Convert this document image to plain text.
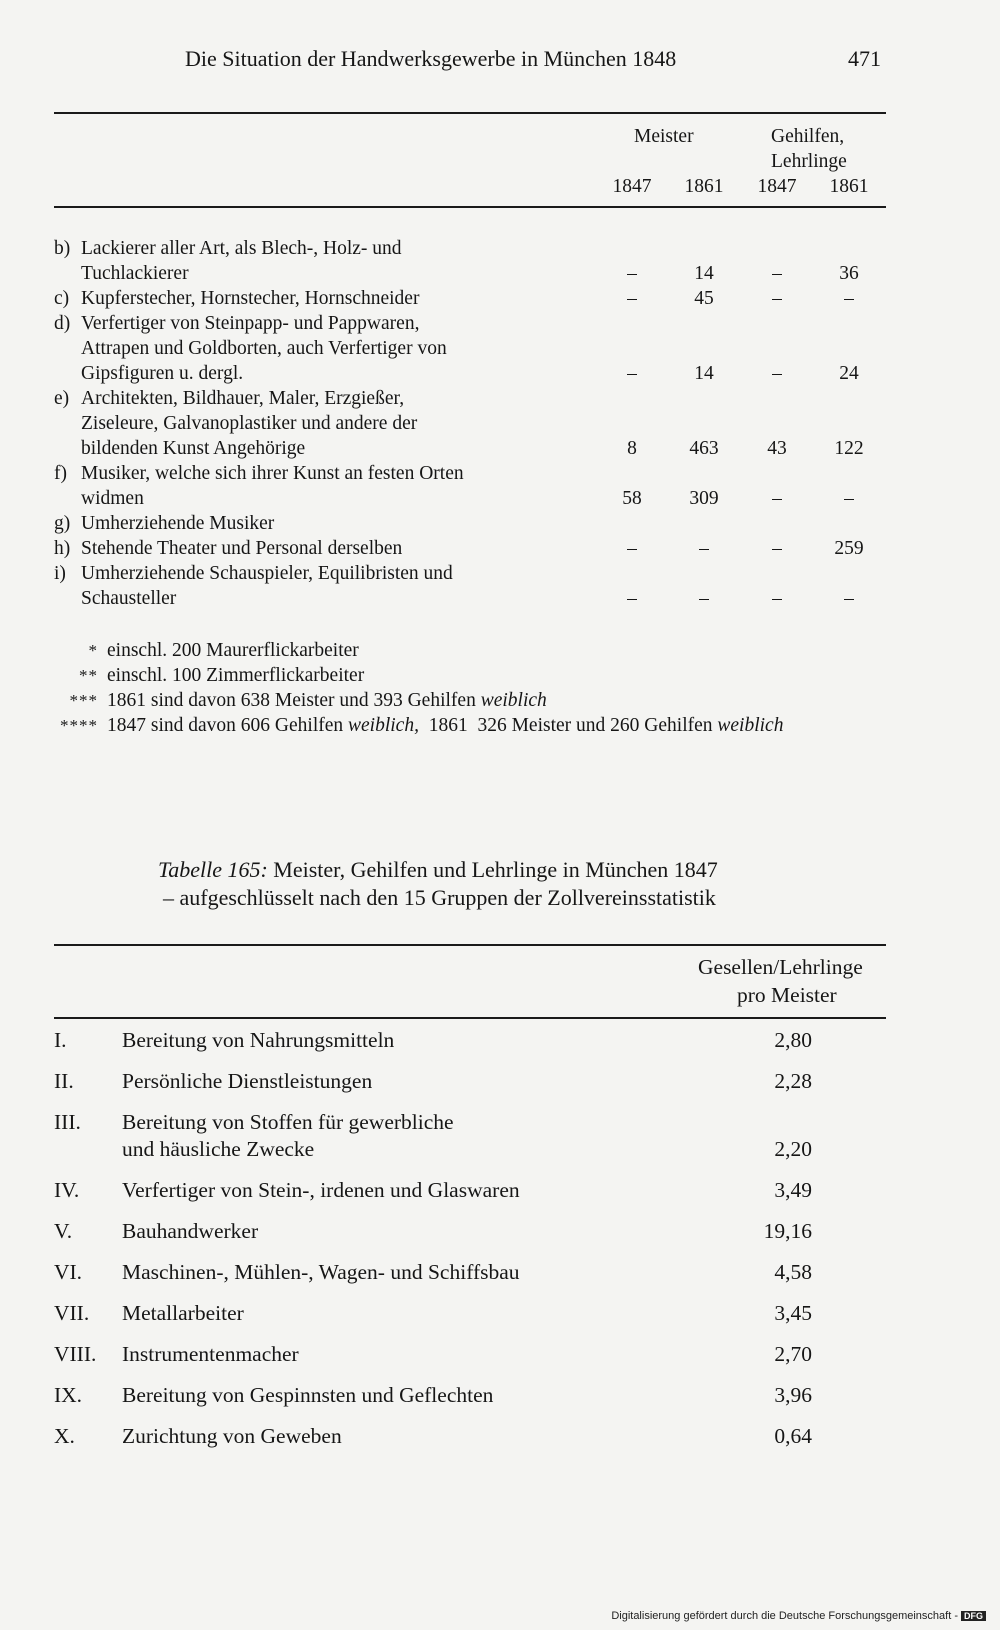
Die Situation der Handwerksgewerbe in München 1848	471
Meister	Gehilfen,
Lehrlinge
1847 1861 1847 1861
b) Lackierer aller Art, als Blech-, Holz- und
Tuchlackierer	–	14	–	36
c) Kupferstecher, Hornstecher, Hornschneider	–	45	–	–
d) Verfertiger von Steinpapp- und Pappwaren,
Attrapen und Goldborten, auch Verfertiger von
Gipsfiguren u. dergl.	–	14	–	24
e) Architekten, Bildhauer, Maler, Erzgießer,
Ziseleure, Galvanoplastiker und andere der
bildenden Kunst Angehörige	8	463	43	122
f) Musiker, welche sich ihrer Kunst an festen Orten
widmen	58	309	–	–
g) Umherziehende Musiker
h) Stehende Theater und Personal derselben	–	–	–	259
i) Umherziehende Schauspieler, Equilibristen und
Schausteller	–	–	–	–
* einschl. 200 Maurerflickarbeiter
** einschl. 100 Zimmerflickarbeiter
*** 1861 sind davon 638 Meister und 393 Gehilfen weiblich
**** 1847 sind davon 606 Gehilfen weiblich,  1861  326 Meister und 260 Gehilfen weiblich
Tabelle 165: Meister, Gehilfen und Lehrlinge in München 1847
– aufgeschlüsselt nach den 15 Gruppen der Zollvereinsstatistik
Gesellen/Lehrlinge
pro Meister
I.	Bereitung von Nahrungsmitteln	2,80
II.	Persönliche Dienstleistungen	2,28
III.	Bereitung von Stoffen für gewerbliche
und häusliche Zwecke	2,20
IV.	Verfertiger von Stein-, irdenen und Glaswaren	3,49
V.	Bauhandwerker	19,16
VI.	Maschinen-, Mühlen-, Wagen- und Schiffsbau	4,58
VII.	Metallarbeiter	3,45
VIII.	Instrumentenmacher	2,70
IX.	Bereitung von Gespinnsten und Geflechten	3,96
X.	Zurichtung von Geweben	0,64
Digitalisierung gefördert durch die Deutsche Forschungsgemeinschaft - DFG
